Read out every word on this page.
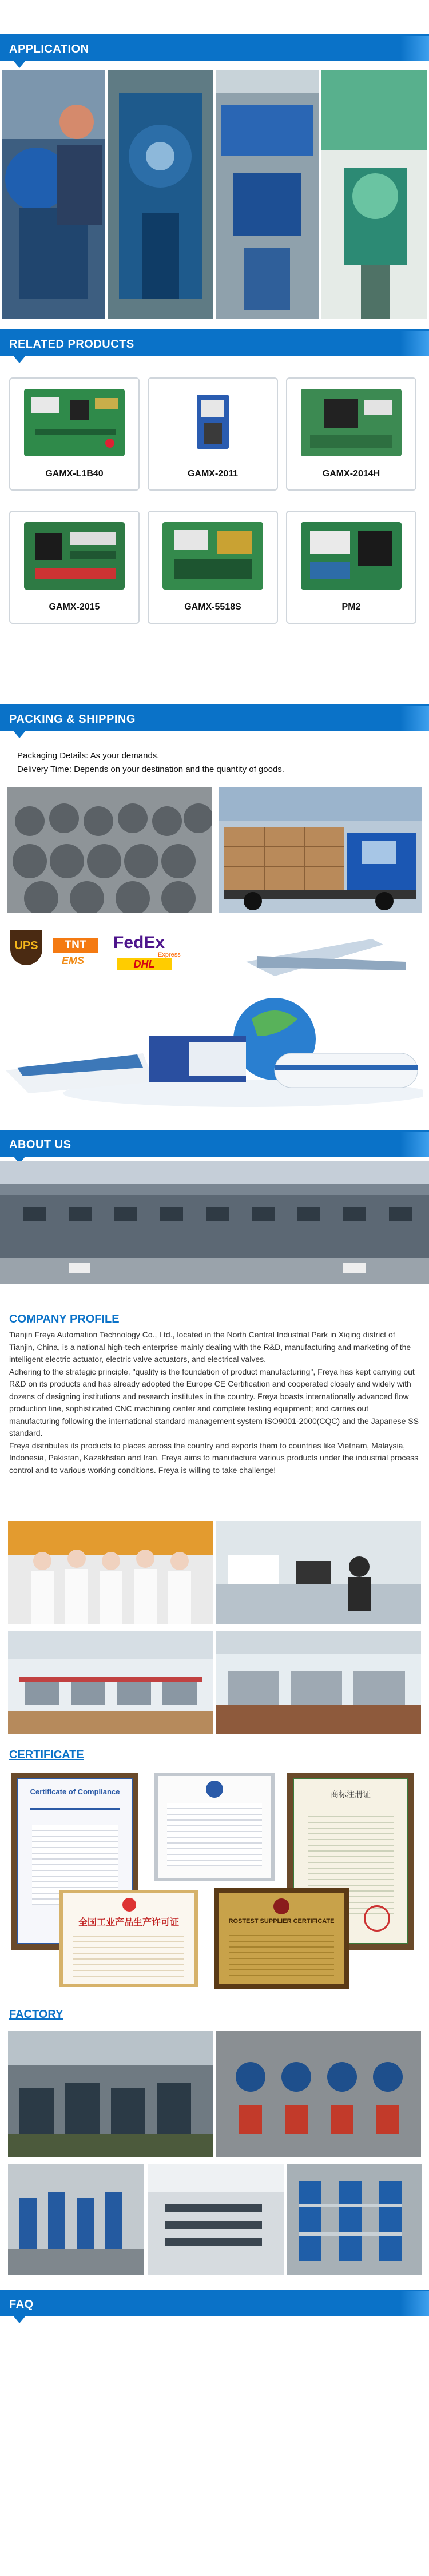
APPLICATION
RELATED PRODUCTS
GAMX-L1B40	GAMX-2011	GAMX-2014H
GAMX-2015	GAMX-5518S	PM2
PACKING & SHIPPING
Packaging Details: As your demands.
Delivery Time: Depends on your destination and the quantity of goods.
UPS	TNT
EMS
FedEx
Express
DHL
ABOUT US
COMPANY PROFILE

Tianjin Freya Automation Technology Co., Ltd., located in the North Central Industrial Park in Xiqing district of Tianjin, China, is a national high-tech enterprise mainly dealing with the R&D, manufacturing and marketing of the intelligent electric actuator, electric valve actuators, and electrical valves.

Adhering to the strategic principle, "quality is the foundation of product manufacturing", Freya has kept carrying out R&D on its products and has already adopted the Europe CE Certification and cooperated closely and widely with dozens of designing institutions and research institutes in the country. Freya boasts internationally advanced flow production line, sophisticated CNC machining center and complete testing equipment; and carries out manufacturing following the international standard management system ISO9001-2000(CQC) and the Japanese SS standard.

Freya distributes its products to places across the country and exports them to countries like Vietnam, Malaysia, Indonesia, Pakistan, Kazakhstan and Iran. Freya aims to manufacture various products under the industrial process control and to various working conditions. Freya is willing to take challenge!

CERTIFICATE
Certificate of Compliance	商标注册证
全国工业产品生产许可证	ROSTEST SUPPLIER CERTIFICATE
FACTORY
FAQ
